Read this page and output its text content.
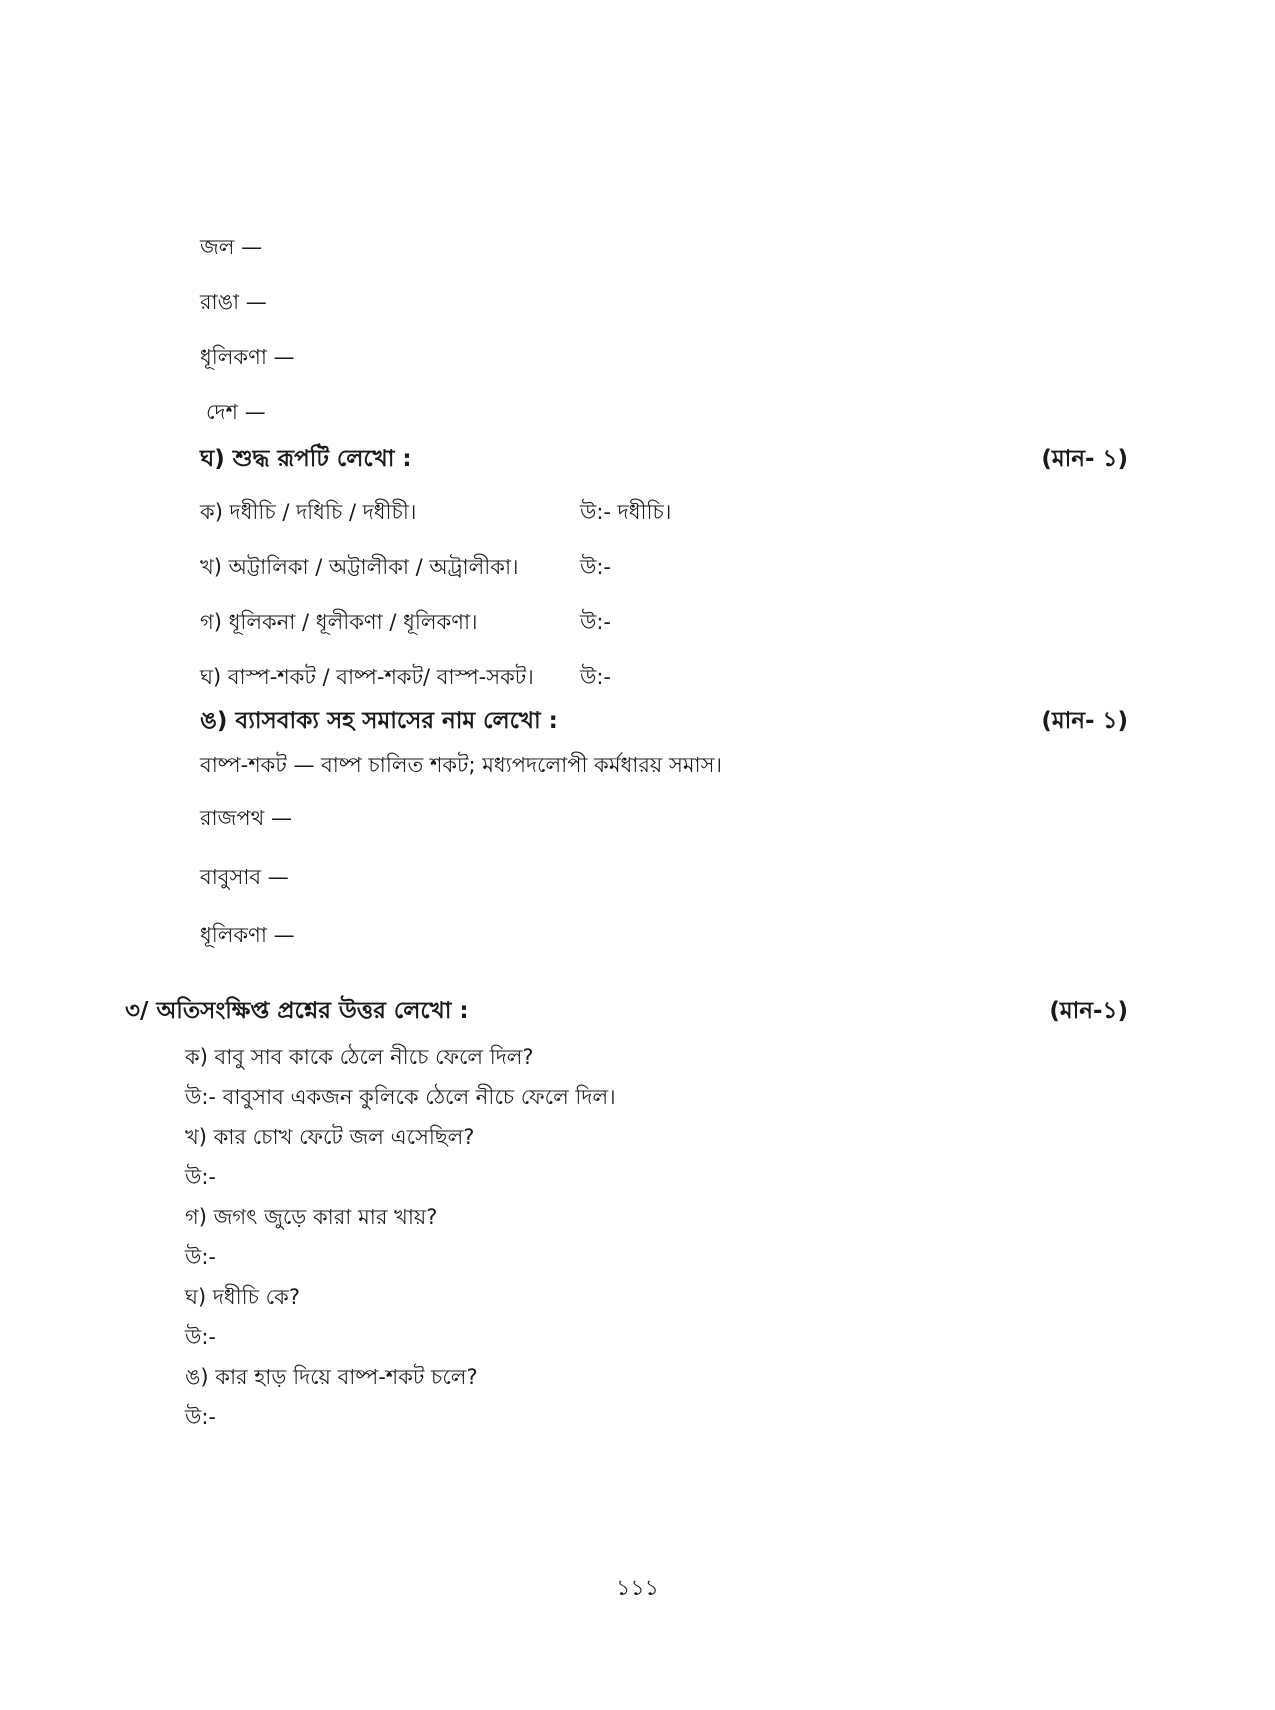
জল —
রাঙা —
ধূলিকণা —
দেশ —
ঘ) শুদ্ধ রূপটি লেখো :	(মান- ১)
ক) দধীচি / দধিচি / দধীচী।	উ:- দধীচি।
খ) অট্টালিকা / অট্টালীকা / অট্রালীকা।	উ:-
গ) ধূলিকনা / ধূলীকণা / ধূলিকণা।	উ:-
ঘ) বাস্প-শকট / বাষ্প-শকট/ বাস্প-সকট। উ:-
ঙ) ব্যাসবাক্য সহ সমাসের নাম লেখো :	(মান- ১)
বাষ্প-শকট — বাষ্প চালিত শকট; মধ্যপদলোপী কর্মধারয় সমাস।
রাজপথ —
বাবুসাব —
ধূলিকণা —
৩/ অতিসংক্ষিপ্ত প্রশ্নের উত্তর লেখো :	(মান-১)
ক) বাবু সাব কাকে ঠেলে নীচে ফেলে দিল?
উ:- বাবুসাব একজন কুলিকে ঠেলে নীচে ফেলে দিল।
খ) কার চোখ ফেটে জল এসেছিল?
উ:-
গ) জগৎ জুড়ে কারা মার খায়?
উ:-
ঘ) দধীচি কে?
উ:-
ঙ) কার হাড় দিয়ে বাষ্প-শকট চলে?
উ:-
১১১
